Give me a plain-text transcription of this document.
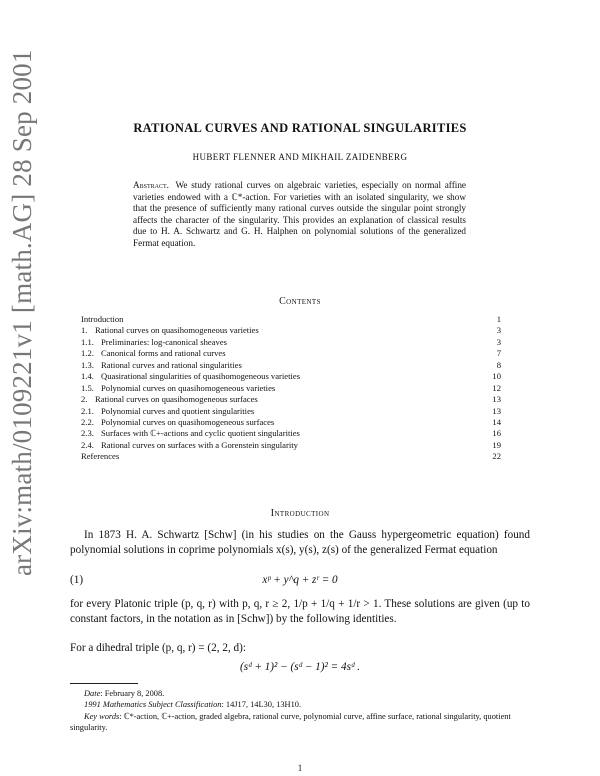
arXiv:math/0109221v1 [math.AG] 28 Sep 2001	RATIONAL CURVES AND RATIONAL SINGULARITIES
HUBERT FLENNER AND MIKHAIL ZAIDENBERG
Abstract. We study rational curves on algebraic varieties, especially on normal affine varieties endowed with a ℂ*-action. For varieties with an isolated singularity, we show that the presence of sufficiently many rational curves outside the singular point strongly affects the character of the singularity. This provides an explanation of classical results due to H. A. Schwartz and G. H. Halphen on polynomial solutions of the generalized Fermat equation.
Contents
Introduction	1
1. Rational curves on quasihomogeneous varieties	3
1.1. Preliminaries: log-canonical sheaves	3
1.2. Canonical forms and rational curves	7
1.3. Rational curves and rational singularities	8
1.4. Quasirational singularities of quasihomogeneous varieties	10
1.5. Polynomial curves on quasihomogeneous varieties	12
2. Rational curves on quasihomogeneous surfaces	13
2.1. Polynomial curves and quotient singularities	13
2.2. Polynomial curves on quasihomogeneous surfaces	14
2.3. Surfaces with ℂ+-actions and cyclic quotient singularities	16
2.4. Rational curves on surfaces with a Gorenstein singularity	19
References	22
Introduction
In 1873 H. A. Schwartz [Schw] (in his studies on the Gauss hypergeometric equation) found polynomial solutions in coprime polynomials x(s), y(s), z(s) of the generalized Fermat equation
(1)	xᵖ + y^q + zʳ = 0
for every Platonic triple (p, q, r) with p, q, r ≥ 2, 1/p + 1/q + 1/r > 1. These solutions are given (up to constant factors, in the notation as in [Schw]) by the following identities.
For a dihedral triple (p, q, r) = (2, 2, d):
(sᵈ + 1)² − (sᵈ − 1)² = 4sᵈ .
Date: February 8, 2008.
1991 Mathematics Subject Classification: 14J17, 14L30, 13H10.
Key words: ℂ*-action, ℂ+-action, graded algebra, rational curve, polynomial curve, affine surface, rational singularity, quotient singularity.
1
